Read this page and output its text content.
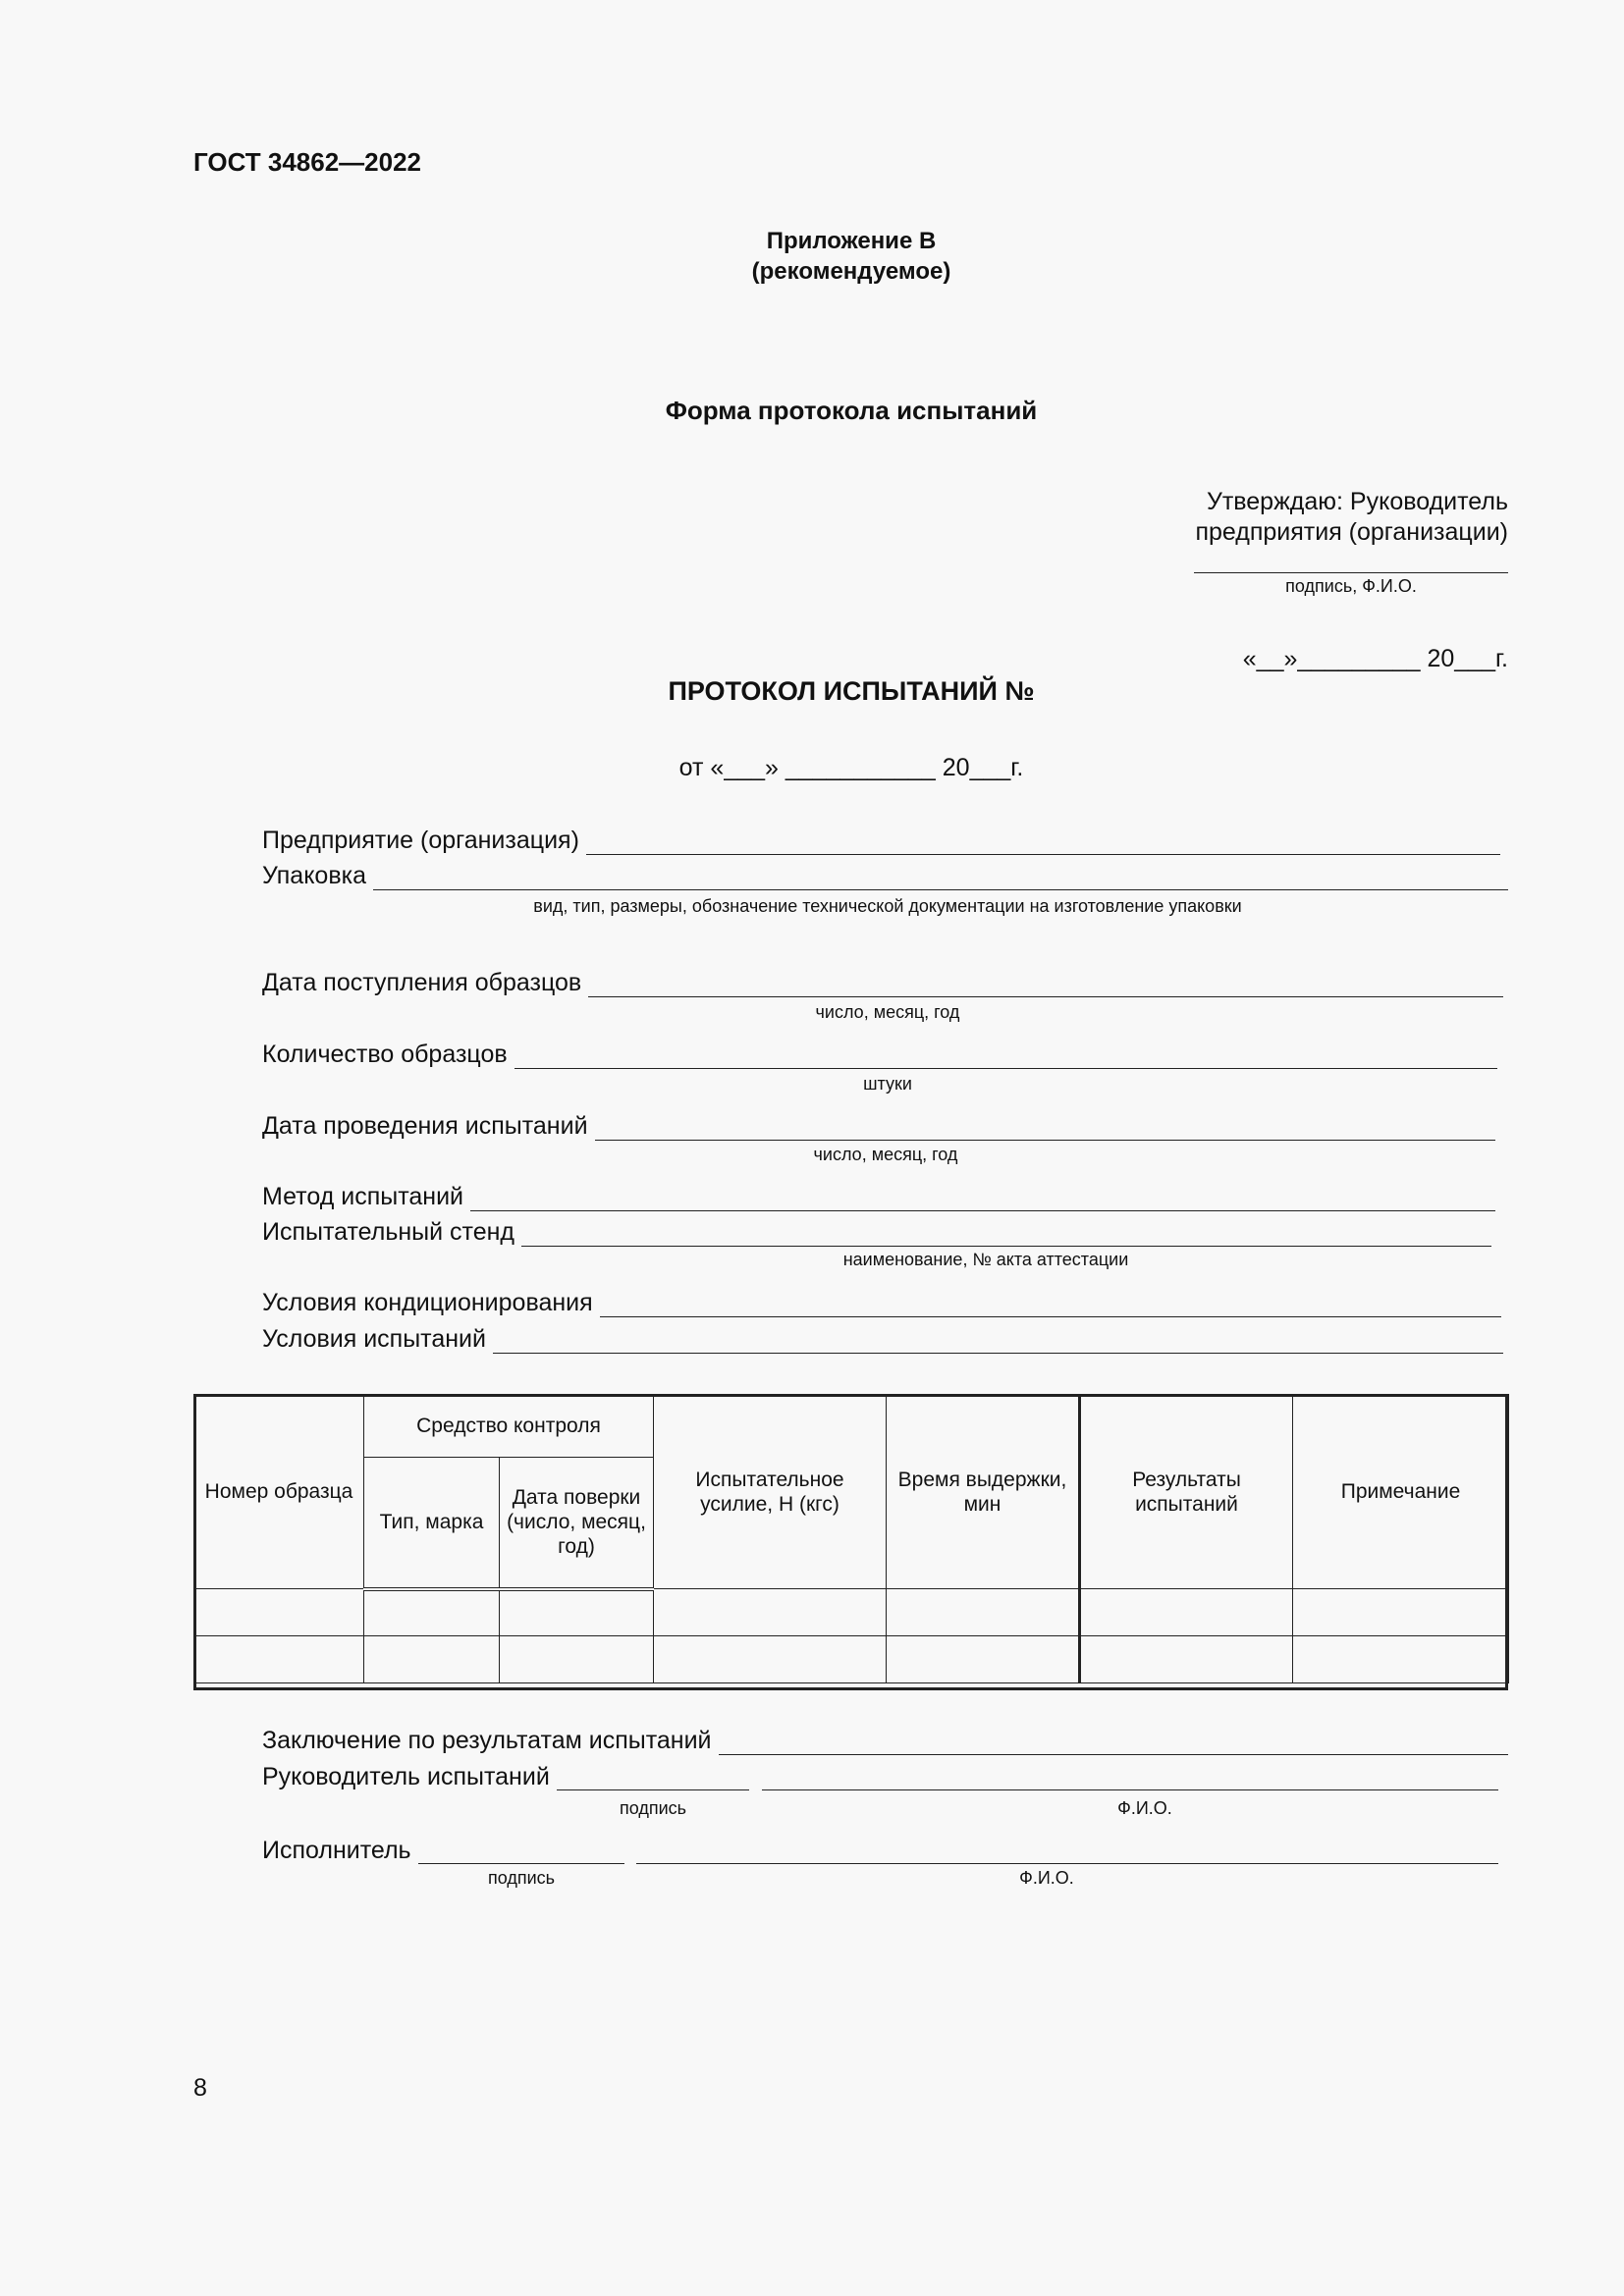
ГОСТ 34862—2022
Приложение В
(рекомендуемое)
Форма протокола испытаний
Утверждаю: Руководитель
предприятия (организации)
подпись, Ф.И.О.
«__»_________ 20___г.
ПРОТОКОЛ ИСПЫТАНИЙ №
от «___» ___________ 20___г.
Предприятие (организация)
Упаковка
вид, тип, размеры, обозначение технической документации на изготовление упаковки
Дата поступления образцов
число, месяц, год
Количество образцов
штуки
Дата проведения испытаний
число, месяц, год
Метод испытаний
Испытательный стенд
наименование, № акта аттестации
Условия кондиционирования
Условия испытаний
Номер образца	Средство контроля		Испытательное усилие, Н (кгс)	Время выдержки, мин	Результаты испытаний	Примечание
	Тип, марка	Дата поверки (число, месяц, год)				

Заключение по результатам испытаний
Руководитель испытаний
подпись	Ф.И.О.
Исполнитель
подпись	Ф.И.О.
8
